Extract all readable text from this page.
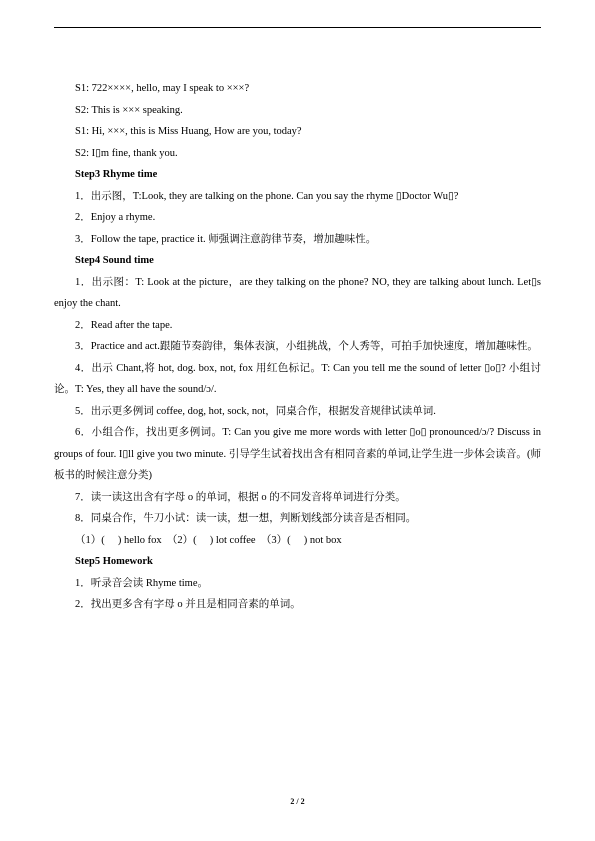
S1: 722××××, hello, may I speak to ×××?

S2: This is ××× speaking.

S1: Hi, ×××, this is Miss Huang, How are you, today?

S2: I▯m fine, thank you.

Step3 Rhyme time

1．出示图，T:Look, they are talking on the phone. Can you say the rhyme ▯Doctor Wu▯?

2．Enjoy a rhyme.

3．Follow the tape, practice it. 师强调注意韵律节奏，增加趣味性。

Step4 Sound time

1．出示图：T: Look at the picture，are they talking on the phone? NO, they are talking about lunch. Let▯s enjoy the chant.

2．Read after the tape.

3．Practice and act.跟随节奏韵律，集体表演，小组挑战，个人秀等，可拍手加快速度，增加趣味性。

4．出示 Chant,将 hot, dog. box, not, fox 用红色标记。T: Can you tell me the sound of letter ▯o▯? 小组讨论。T: Yes, they all have the sound/ɔ/.

5．出示更多例词 coffee, dog, hot, sock, not，同桌合作，根据发音规律试读单词.

6．小组合作，找出更多例词。T: Can you give me more words with letter ▯o▯ pronounced/ɔ/? Discuss in groups of four. I▯ll give you two minute. 引导学生试着找出含有相同音素的单词,让学生进一步体会读音。(师板书的时候注意分类)

7．读一读这出含有字母 o 的单词，根据 o 的不同发音将单词进行分类。

8．同桌合作，牛刀小试：读一读，想一想，判断划线部分读音是否相同。

（1）(     ) hello fox  （2）(     ) lot coffee  （3）(     ) not box

Step5 Homework

1．听录音会读 Rhyme time。

2．找出更多含有字母 o 并且是相同音素的单词。

2 / 2
